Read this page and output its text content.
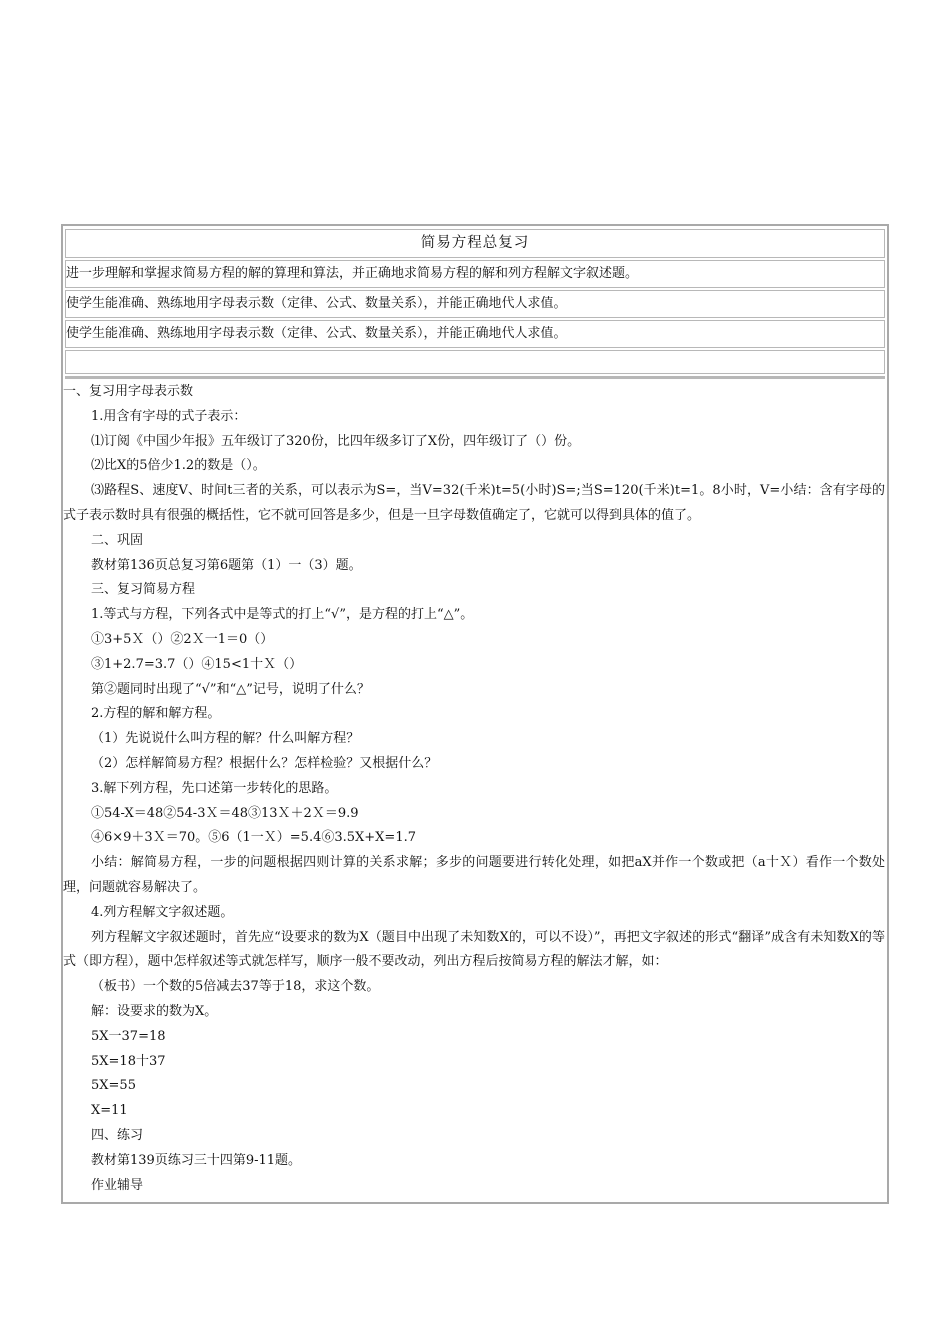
简易方程总复习
进一步理解和掌握求简易方程的解的算理和算法，并正确地求简易方程的解和列方程解文字叙述题。
使学生能准确、熟练地用字母表示数（定律、公式、数量关系），并能正确地代人求值。
使学生能准确、熟练地用字母表示数（定律、公式、数量关系），并能正确地代人求值。
一、复习用字母表示数
1.用含有字母的式子表示：
⑴订阅《中国少年报》五年级订了320份，比四年级多订了X份，四年级订了（）份。
⑵比X的5倍少1.2的数是（）。
⑶路程S、速度V、时间t三者的关系，可以表示为S=，当V=32(千米)t=5(小时)S=;当S=120(千米)t=1。8小时，V=小结：含有字母的式子表示数时具有很强的概括性，它不就可回答是多少，但是一旦字母数值确定了，它就可以得到具体的值了。
二、巩固
教材第136页总复习第6题第（1）一（3）题。
三、复习简易方程
1.等式与方程，下列各式中是等式的打上“√”，是方程的打上“△”。
①3+5Ｘ（）②2Ｘ一1＝0（）
③1+2.7=3.7（）④15<1十Ｘ（）
第②题同时出现了“√”和“△”记号，说明了什么？
2.方程的解和解方程。
（1）先说说什么叫方程的解？什么叫解方程？
（2）怎样解简易方程？根据什么？怎样检验？又根据什么？
3.解下列方程，先口述第一步转化的思路。
①54-X＝48②54-3Ｘ＝48③13Ｘ＋2Ｘ＝9.9
④6×9＋3Ｘ＝70。⑤6（1一Ｘ）=5.4⑥3.5X+X=1.7
小结：解简易方程，一步的问题根据四则计算的关系求解；多步的问题要进行转化处理，如把aX并作一个数或把（a十Ｘ）看作一个数处理，问题就容易解决了。
4.列方程解文字叙述题。
列方程解文字叙述题时，首先应“设要求的数为X（题目中出现了未知数X的，可以不设）”，再把文字叙述的形式“翻译”成含有未知数X的等式（即方程），题中怎样叙述等式就怎样写，顺序一般不要改动，列出方程后按简易方程的解法才解，如：
（板书）一个数的5倍减去37等于18，求这个数。
解：设要求的数为X。
5X一37=18
5X=18十37
5X=55
X=11
四、练习
教材第139页练习三十四第9-11题。
作业辅导
